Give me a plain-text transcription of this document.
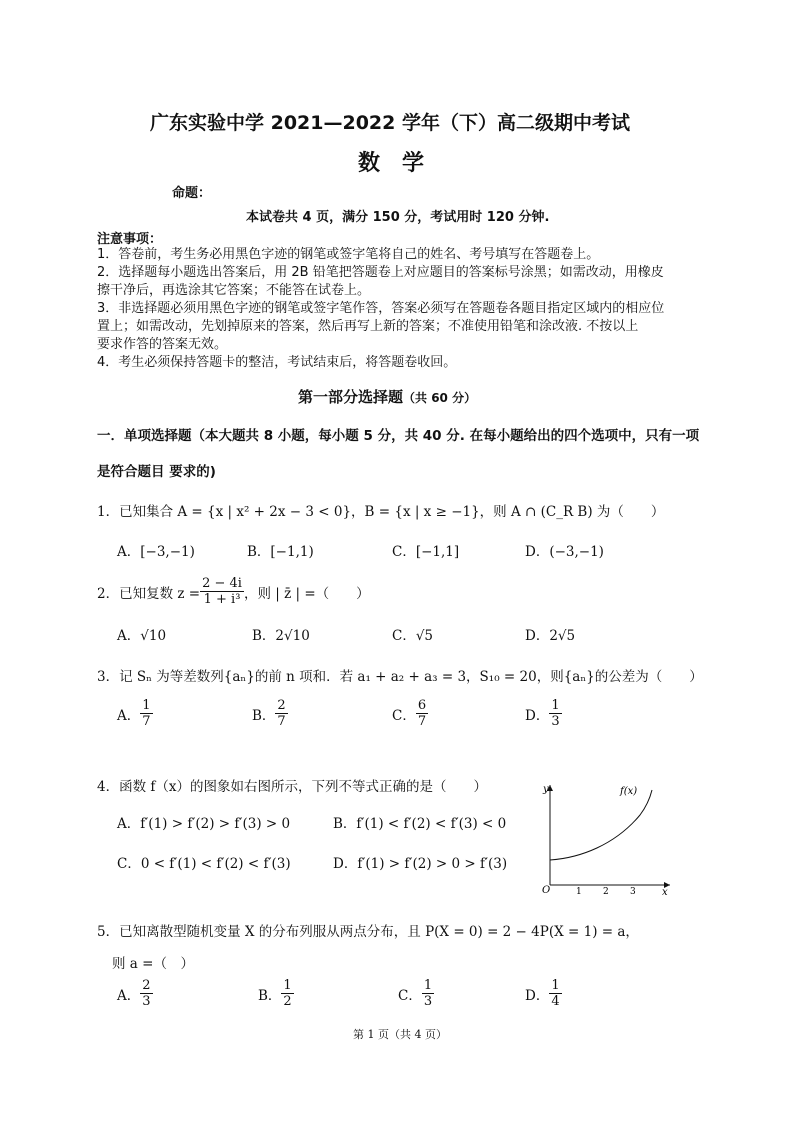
广东实验中学 2021—2022 学年（下）高二级期中考试
数学
命题：
本试卷共 4 页，满分 150 分，考试用时 120 分钟.
注意事项：
1．答卷前，考生务必用黑色字迹的钢笔或签字笔将自己的姓名、考号填写在答题卷上。
2．选择题每小题选出答案后，用 2B 铅笔把答题卷上对应题目的答案标号涂黑；如需改动，用橡皮
擦干净后，再选涂其它答案；不能答在试卷上。
3．非选择题必须用黑色字迹的钢笔或签字笔作答，答案必须写在答题卷各题目指定区域内的相应位
置上；如需改动，先划掉原来的答案，然后再写上新的答案；不准使用铅笔和涂改液. 不按以上
要求作答的答案无效。
4．考生必须保持答题卡的整洁，考试结束后，将答题卷收回。
第一部分选择题（共 60 分）
一．单项选择题（本大题共 8 小题，每小题 5 分，共 40 分. 在每小题给出的四个选项中，只有一项
是符合题目 要求的)
1．已知集合 A = {x | x² + 2x − 3 < 0}，B = {x | x ≥ −1}，则 A ∩ (C_R B) 为（　　）
A．[−3,−1)	B．[−1,1)	C．[−1,1]	D．(−3,−1)
2．已知复数 $z = \frac{2 - 4i}{\text{1 + i³}}$ ，则 | z̄ | =（　　）
A．√10	B．2√10	C．√5	D．2√5
3．记 Sₙ 为等差数列{aₙ}的前 n 项和．若 a₁ + a₂ + a₃ = 3，S₁₀ = 20，则{aₙ}的公差为（　　）
A． $\frac{1}{7}$	B． $\frac{2}{7}$	C． $\frac{6}{7}$	D． $\frac{1}{3}$
4．函数 f（x）的图象如右图所示，下列不等式正确的是（　　）
A．f′(1) > f′(2) > f′(3) > 0	B．f′(1) < f′(2) < f′(3) < 0
C．0 < f′(1) < f′(2) < f′(3)	D．f′(1) > f′(2) > 0 > f′(3)
y
x
O
f(x)
1 2 3
5．已知离散型随机变量 X 的分布列服从两点分布，且 P(X = 0) = 2 − 4P(X = 1) = a，
则 a =（　）
A． $\frac{2}{3}$	B． $\frac{1}{2}$	C． $\frac{1}{3}$	D． $\frac{1}{4}$
第 1 页（共 4 页）
